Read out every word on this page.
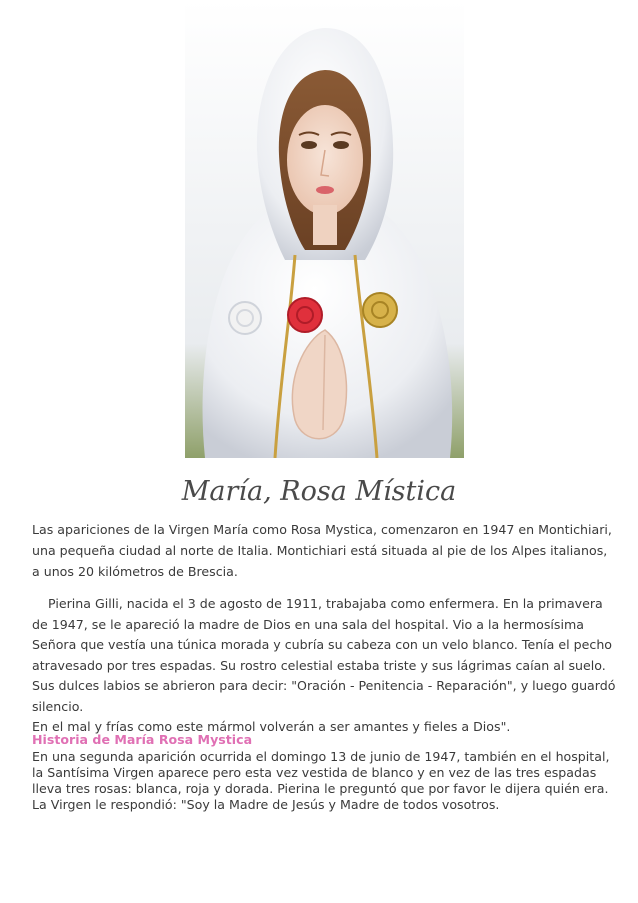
María, Rosa Mística

Las apariciones de la Virgen María como Rosa Mystica, comenzaron en 1947 en Montichiari, una pequeña ciudad al norte de Italia. Montichiari está situada al pie de los Alpes italianos, a unos 20 kilómetros de Brescia.

Pierina Gilli, nacida el 3 de agosto de 1911, trabajaba como enfermera. En la primavera de 1947, se le apareció la madre de Dios en una sala del hospital. Vio a la hermosísima Señora que vestía una túnica morada y cubría su cabeza con un velo blanco. Tenía el pecho atravesado por tres espadas. Su rostro celestial estaba triste y sus lágrimas caían al suelo. Sus dulces labios se abrieron para decir: "Oración - Penitencia - Reparación", y luego guardó silencio.
En el mal y frías como este mármol volverán a ser amantes y fieles a Dios".

Historia de María Rosa Mystica

En una segunda aparición ocurrida el domingo 13 de junio de 1947, también en el hospital, la Santísima Virgen aparece pero esta vez vestida de blanco y en vez de las tres espadas lleva tres rosas: blanca, roja y dorada. Pierina le preguntó que por favor le dijera quién era. La Virgen le respondió: "Soy la Madre de Jesús y Madre de todos vosotros.
